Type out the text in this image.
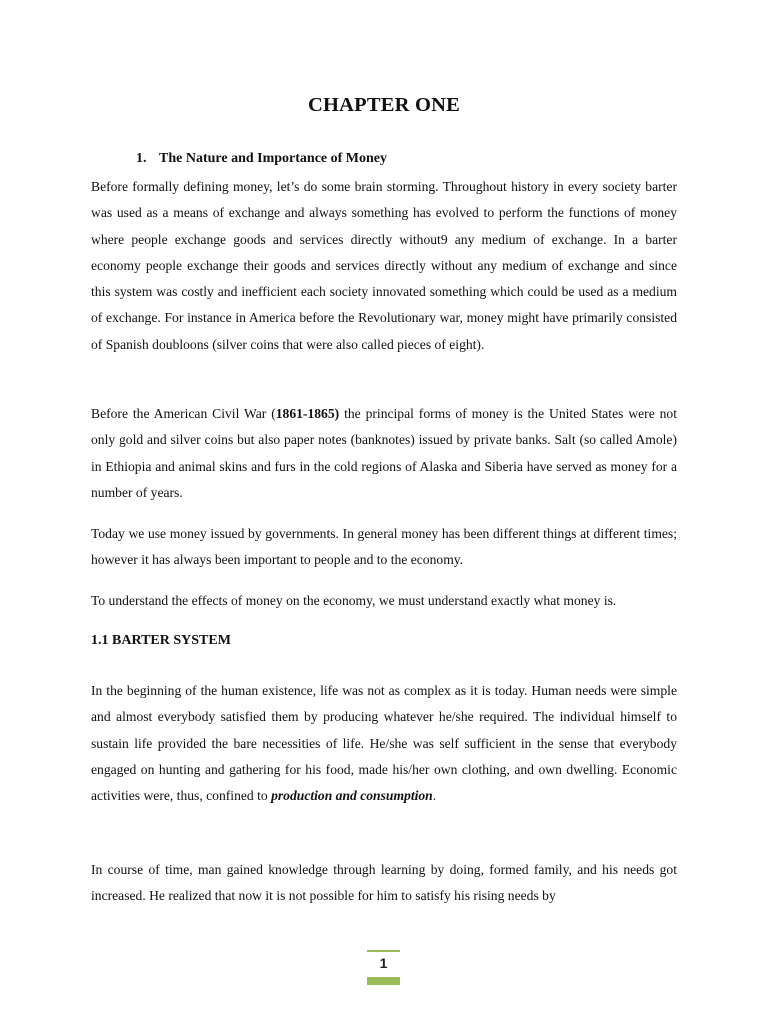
CHAPTER ONE
1. The Nature and Importance of Money

Before formally defining money, let’s do some brain storming. Throughout history in every society barter was used as a means of exchange and always something has evolved to perform the functions of money where people exchange goods and services directly without9 any medium of exchange. In a barter economy people exchange their goods and services directly without any medium of exchange and since this system was costly and inefficient each society innovated something which could be used as a medium of exchange. For instance in America before the Revolutionary war, money might have primarily consisted of Spanish doubloons (silver coins that were also called pieces of eight).

Before the American Civil War (1861-1865) the principal forms of money is the United States were not only gold and silver coins but also paper notes (banknotes) issued by private banks. Salt (so called Amole) in Ethiopia and animal skins and furs in the cold regions of Alaska and Siberia have served as money for a number of years.

Today we use money issued by governments. In general money has been different things at different times; however it has always been important to people and to the economy.

To understand the effects of money on the economy, we must understand exactly what money is.

1.1 BARTER SYSTEM

In the beginning of the human existence, life was not as complex as it is today. Human needs were simple and almost everybody satisfied them by producing whatever he/she required. The individual himself to sustain life provided the bare necessities of life. He/she was self sufficient in the sense that everybody engaged on hunting and gathering for his food, made his/her own clothing, and own dwelling. Economic activities were, thus, confined to production and consumption.

In course of time, man gained knowledge through learning by doing, formed family, and his needs got increased. He realized that now it is not possible for him to satisfy his rising needs by

1
